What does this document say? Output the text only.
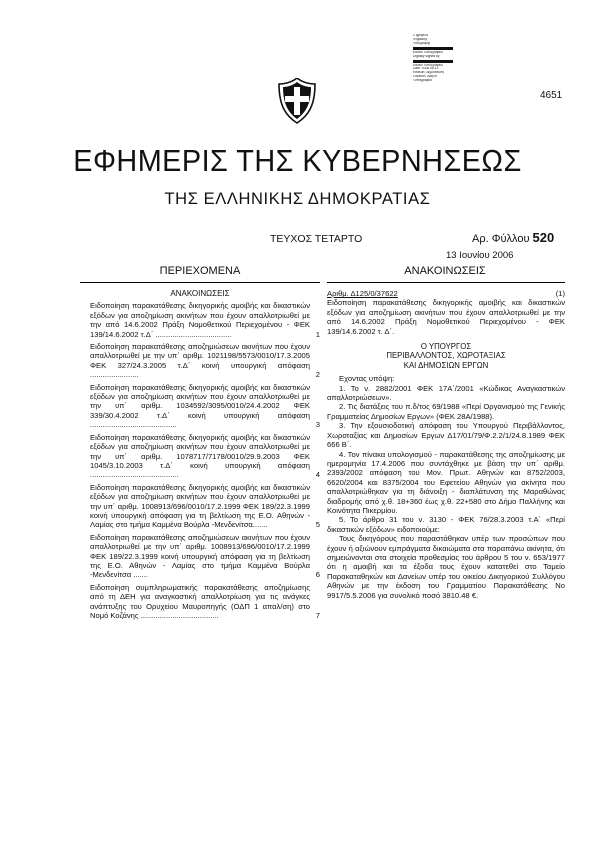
Σ φραγίδα
Ψηφιακής
Υπογραφής
Εθνικό Τυπογραφείο
Digitally signed by
Εθνικό Τυπογραφείο
Date: 2006.06.13
Reason: Δημοσίευση
Location: Αθήνα
Τυπογραφείο
4651
ΕΦΗΜΕΡΙΣ ΤΗΣ ΚΥΒΕΡΝΗΣΕΩΣ
ΤΗΣ ΕΛΛΗΝΙΚΗΣ ΔΗΜΟΚΡΑΤΙΑΣ
ΤΕΥΧΟΣ ΤΕΤΑΡΤΟ	Αρ. Φύλλου 520
13 Ιουνίου 2006
ΠΕΡΙΕΧΟΜΕΝΑ	ΑΝΑΚΟΙΝΩΣΕΙΣ
ΑΝΑΚΟΙΝΩΣΕΙΣ
Ειδοποίηση παρακατάθεσης δικηγορικής αμοιβής και δικαστικών εξόδων για αποζημίωση ακινήτων που έχουν απαλλοτριωθεί με την από 14.6.2002 Πράξη Νομοθετικού Περιεχομένου - ΦΕΚ 139/14.6.2002 τ.Δ΄ ....................................	1
Ειδοποίηση παρακατάθεσης αποζημιώσεων ακινήτων που έχουν απαλλοτριωθεί με την υπ΄ αριθμ. 1021198/5573/0010/17.3.2005 ΦΕΚ 327/24.3.2005 τ.Δ΄ κοινή υπουργική απόφαση .......................	2
Ειδοποίηση παρακατάθεσης δικηγορικής αμοιβής και δικαστικών εξόδων για αποζημίωση ακινήτων που έχουν απαλλοτριωθεί με την υπ΄ αριθμ. 1034592/3095/0010/24.4.2002 ΦΕΚ 339/30.4.2002 τ.Δ΄ κοινή υπουργική απόφαση .........................................	3
Ειδοποίηση παρακατάθεσης δικηγορικής αμοιβής και δικαστικών εξόδων για αποζημίωση ακινήτων που έχουν απαλλοτριωθεί με την υπ΄ αριθμ. 1078717/7178/0010/29.9.2003 ΦΕΚ 1045/3.10.2003 τ.Δ΄ κοινή υπουργική απόφαση ..........................................	4
Ειδοποίηση παρακατάθεσης δικηγορικής αμοιβής και δικαστικών εξόδων για αποζημίωση ακινήτων που έχουν απαλλοτριωθεί με την υπ΄ αριθμ. 1008913/696/0010/17.2.1999 ΦΕΚ 189/22.3.1999 κοινή υπουργική απόφαση για τη βελτίωση της Ε.Ο. Αθηνών - Λαμίας στο τμήμα Καμμένα Βούρλα -Μενδενίτσα.......	5
Ειδοποίηση παρακατάθεσης αποζημιώσεων ακινήτων που έχουν απαλλοτριωθεί με την υπ΄ αριθμ. 1008913/696/0010/17.2.1999 ΦΕΚ 189/22.3.1999 κοινή υπουργική απόφαση για τη βελτίωση της Ε.Ο. Αθηνών - Λαμίας στο τμήμα Καμμένα Βούρλα -Μενδενίτσα .......	6
Ειδοποίηση συμπληρωματικής παρακατάθεσης αποζημίωσης από τη ΔΕΗ για αναγκαστική απαλλοτρίωση για τις ανάγκες ανάπτυξης του Ορυχείου Μαυροπηγής (ΟΔΠ 1 απαλ/ση) στο Νομό Κοζάνης .....................................	7
Αριθμ. Δ125/0/37622	(1)
Ειδοποίηση παρακατάθεσης δικηγορικής αμοιβής και δικαστικών εξόδων για αποζημίωση ακινήτων που έχουν απαλλοτριωθεί με την από 14.6.2002 Πράξη Νομοθετικού Περιεχομένου - ΦΕΚ 139/14.6.2002 τ. Δ΄.
Ο ΥΠΟΥΡΓΟΣ
ΠΕΡΙΒΑΛΛΟΝΤΟΣ, ΧΩΡΟΤΑΞΙΑΣ
ΚΑΙ ΔΗΜΟΣΙΩΝ ΕΡΓΩΝ

Εχοντας υπόψη:

1. Το ν. 2882/2001 ΦΕΚ 17Α΄/2001 «Κώδικας Αναγκαστικών απαλλοτριώσεων».

2. Τις διατάξεις του π.δ/τος 69/1988 «Περί Οργανισμού της Γενικής Γραμματείας Δημοσίων Εργων» (ΦΕΚ 28Α/1988).

3. Την εξουσιοδοτική απόφαση του Υπουργού Περιβάλλοντος, Χωροταξίας και Δημοσίων Εργων Δ17/01/79/Φ.2.2/1/24.8.1989 ΦΕΚ 666 Β΄.

4. Τον πίνακα υπολογισμού - παρακατάθεσης της αποζημίωσης με ημερομηνία 17.4.2006 που συντάχθηκε με βάση την υπ΄ αριθμ. 2393/2002 απόφαση του Μον. Πρωτ. Αθηνών και 8752/2003, 6620/2004 και 8375/2004 του Εφετείου Αθηνών για ακίνητα που απαλλοτριώθηκαν για τη διάνοιξη - διαπλάτυνση της Μαραθώνας διαδρομής από χ.θ. 18+360 έως χ.θ. 22+580 στο Δήμο Παλλήνης και Κοινότητα Πικερμίου.

5. Το άρθρο 31 του ν. 3130 - ΦΕΚ 76/28.3.2003 τ.Α΄ «Περί δικαστικών εξόδων» ειδοποιούμε:

Τους δικηγόρους που παραστάθηκαν υπέρ των προσώπων που έχουν ή αξιώνουν εμπράγματα δικαιώματα στα παραπάνω ακίνητα, ότι σημειώνονται στα στοιχεία προθεσμίας του άρθρου 5 του ν. 653/1977 ότι η αμοιβή και τα έξοδα τους έχουν κατατεθεί στο Ταμείο Παρακαταθηκών και Δανείων υπέρ του οικείου Δικηγορικού Συλλόγου Αθηνών με την έκδοση του Γραμματίου Παρακατάθεσης Νο 9917/5.5.2006 για συνολικό ποσό 3810.48 €.
